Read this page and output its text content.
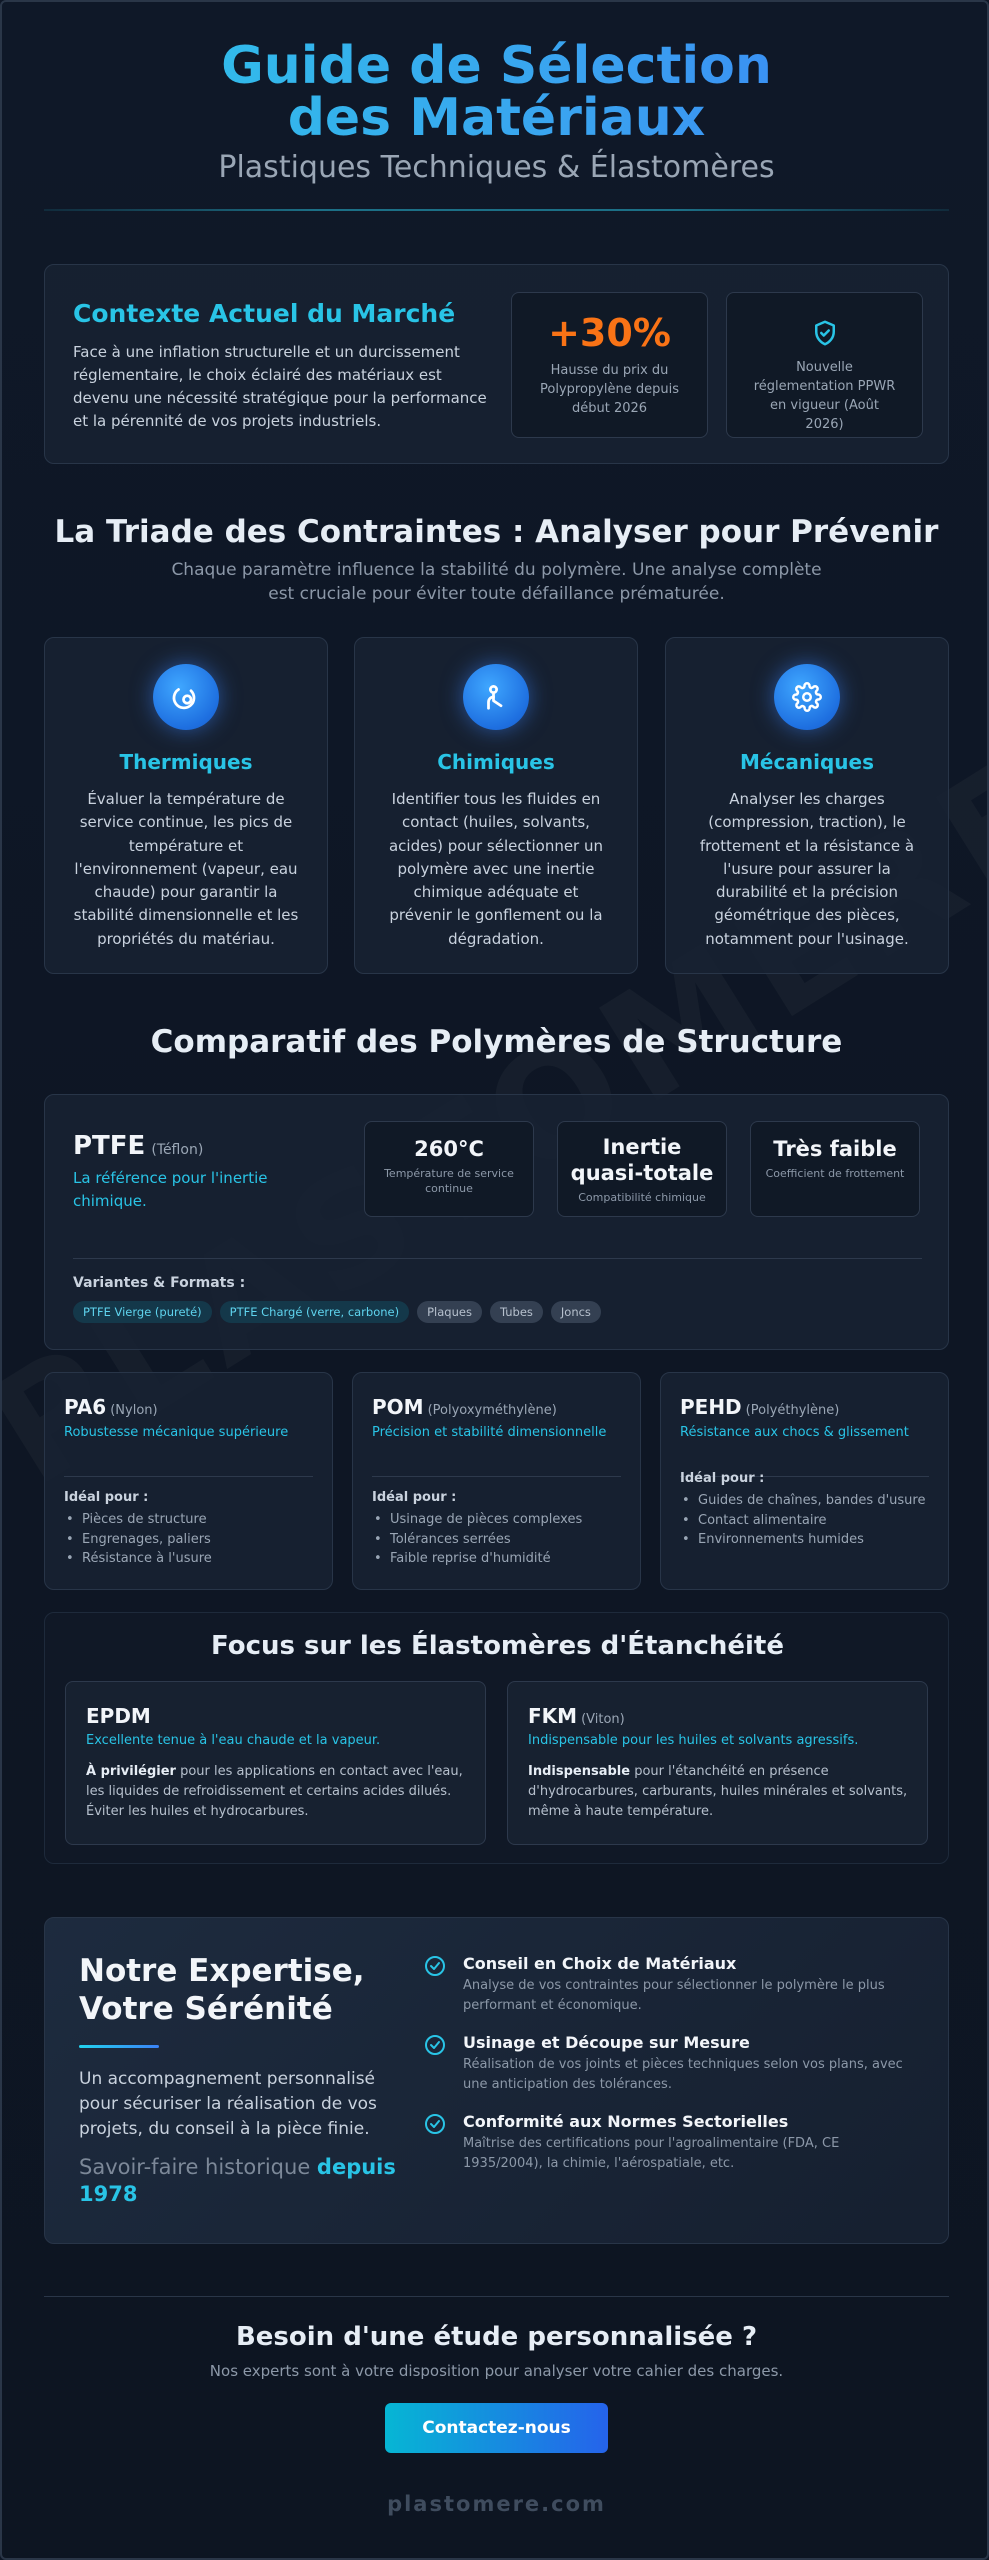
Guide de Sélection des Matériaux
Plastiques Techniques & Élastomères
Contexte Actuel du Marché

Face à une inflation structurelle et un durcissement réglementaire, le choix éclairé des matériaux est devenu une nécessité stratégique pour la performance et la pérennité de vos projets industriels.

+30%
Hausse du prix du Polypropylène depuis début 2026
Nouvelle réglementation PPWR en vigueur (Août 2026)
La Triade des Contraintes : Analyser pour Prévenir
Chaque paramètre influence la stabilité du polymère. Une analyse complète est cruciale pour éviter toute défaillance prématurée.
Thermiques

Évaluer la température de service continue, les pics de température et l'environnement (vapeur, eau chaude) pour garantir la stabilité dimensionnelle et les propriétés du matériau.

Chimiques

Identifier tous les fluides en contact (huiles, solvants, acides) pour sélectionner un polymère avec une inertie chimique adéquate et prévenir le gonflement ou la dégradation.

Mécaniques

Analyser les charges (compression, traction), le frottement et la résistance à l'usure pour assurer la durabilité et la précision géométrique des pièces, notamment pour l'usinage.

Comparatif des Polymères de Structure
PTFE (Téflon)
La référence pour l'inertie chimique.
260°C
Température de service continue
Inertie quasi-totale
Compatibilité chimique
Très faible
Coefficient de frottement
Variantes & Formats :
PTFE Vierge (pureté)	PTFE Chargé (verre, carbone)	Plaques	Tubes	Joncs
PA6 (Nylon)
Robustesse mécanique supérieure
Idéal pour :
• Pièces de structure
• Engrenages, paliers
• Résistance à l'usure
POM (Polyoxyméthylène)
Précision et stabilité dimensionnelle
Idéal pour :
• Usinage de pièces complexes
• Tolérances serrées
• Faible reprise d'humidité
PEHD (Polyéthylène)
Résistance aux chocs & glissement
Idéal pour :
• Guides de chaînes, bandes d'usure
• Contact alimentaire
• Environnements humides
Focus sur les Élastomères d'Étanchéité
EPDM
Excellente tenue à l'eau chaude et la vapeur.
À privilégier pour les applications en contact avec l'eau, les liquides de refroidissement et certains acides dilués. Éviter les huiles et hydrocarbures.
FKM (Viton)
Indispensable pour les huiles et solvants agressifs.
Indispensable pour l'étanchéité en présence d'hydrocarbures, carburants, huiles minérales et solvants, même à haute température.
Notre Expertise, Votre Sérénité

Un accompagnement personnalisé pour sécuriser la réalisation de vos projets, du conseil à la pièce finie.

Savoir-faire historique depuis 1978
Conseil en Choix de Matériaux
Analyse de vos contraintes pour sélectionner le polymère le plus performant et économique.
Usinage et Découpe sur Mesure
Réalisation de vos joints et pièces techniques selon vos plans, avec une anticipation des tolérances.
Conformité aux Normes Sectorielles
Maîtrise des certifications pour l'agroalimentaire (FDA, CE 1935/2004), la chimie, l'aérospatiale, etc.
Besoin d'une étude personnalisée ?
Nos experts sont à votre disposition pour analyser votre cahier des charges.
Contactez-nous
plastomere.com
